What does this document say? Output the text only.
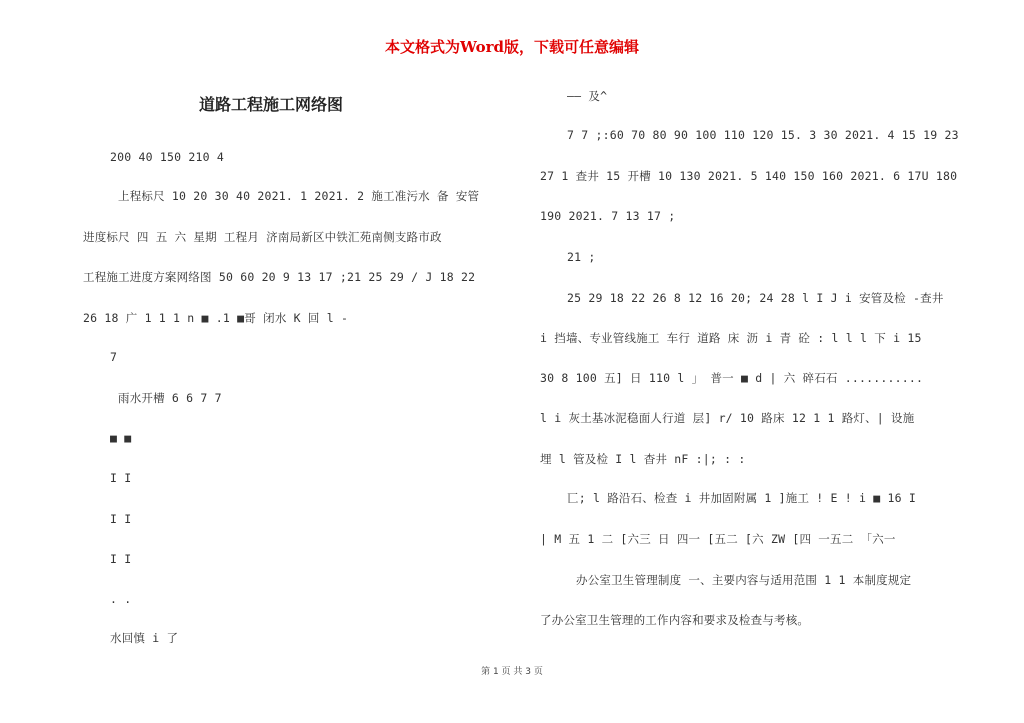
本文格式为Word版，下载可任意编辑
道路工程施工网络图
200 40 150 210 4
上程标尺 10 20 30 40 2021. 1 2021. 2 施工准污水 备 安管
进度标尺 四 五 六 星期 工程月 济南局新区中铁汇苑南侧支路市政
工程施工进度方案网络图 50 60 20 9 13 17 ;21 25 29 / J 18 22
26 18 广 1 1 1 n ■ .1 ■哥 闭水 K 回 l -
7
雨水开槽 6 6 7 7
■ ■
I I
I I
I I
. .
水回慎 i 了
—— 及^
7 7 ;:60 70 80 90 100 110 120 15. 3 30 2021. 4 15 19 23
27 1 查井 15 开槽 10 130 2021. 5 140 150 160 2021. 6 17U 180
190 2021. 7 13 17 ;
21 ;
25 29 18 22 26 8 12 16 20; 24 28 l I J i 安管及检 -查井
i 挡墙、专业管线施工 车行 道路 床 沥 i 青 砼 : l l l 下 i 15
30 8 100 五] 日 110 l 」 普一 ■ d | 六 碎石石 ...........
l i 灰土基冰泥稳面人行道 层] r/ 10 路床 12 1 1 路灯、| 设施
埋 l 管及检 I l 杳井 nF :|; : :
匸; l 路沿石、检查 i 井加固附属 1 ]施工 ! E ! i ■ 16 I
| M 五 1 二 [六三 日 四一 [五二 [六 ZW [四 一五二 「六一
办公室卫生管理制度 一、主要内容与适用范围 1 1 本制度规定
了办公室卫生管理的工作内容和要求及检查与考核。
第 1 页 共 3 页
